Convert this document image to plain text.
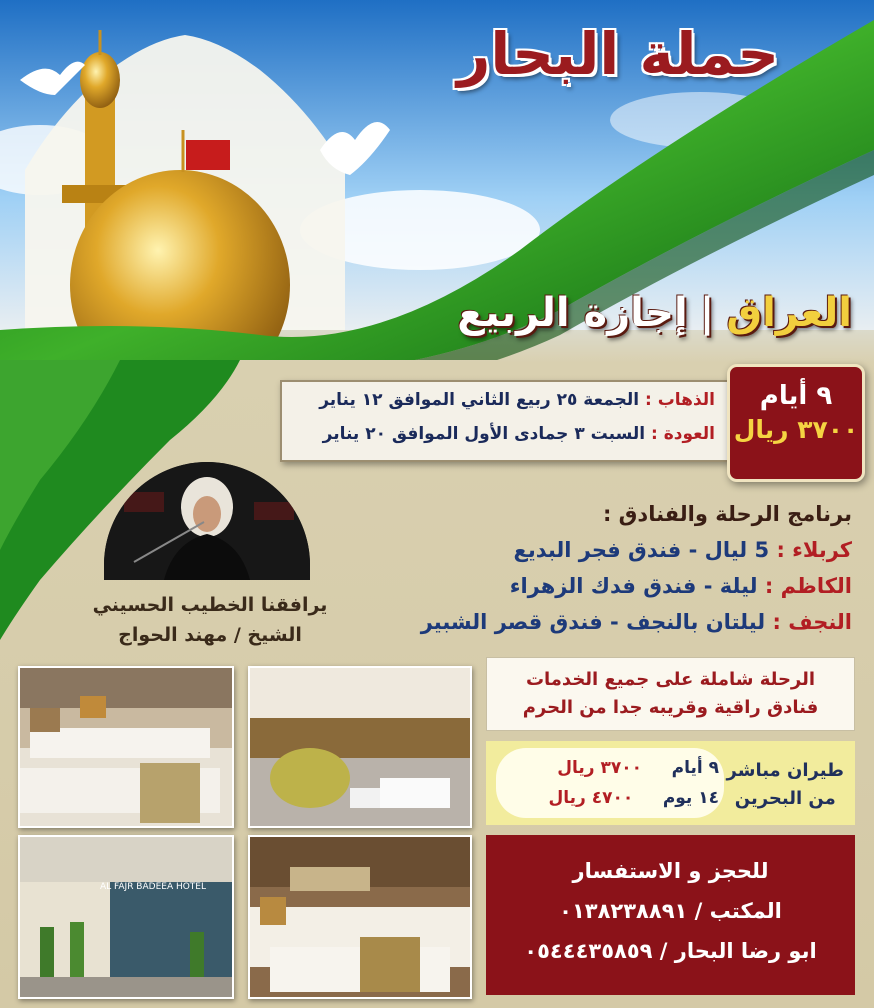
حملة البحار
العراق|إجازة الربيع
الذهاب : الجمعة ٢٥ ربيع الثاني الموافق ١٢ يناير
العودة : السبت ٣ جمادى الأول الموافق ٢٠ يناير
٩ أيام
٣٧٠٠ ريال
يرافقنا الخطيب الحسيني
الشيخ / مهند الحواج
برنامج الرحلة والفنادق :
كربلاء : 5 ليال - فندق فجر البديع
الكاظم : ليلة - فندق فدك الزهراء
النجف : ليلتان بالنجف - فندق قصر الشبير
AL FAJR BADEEA HOTEL
الرحلة شاملة على جميع الخدمات
فنادق راقية وقريبه جدا من الحرم
طيران مباشر
من البحرين
٩ أيام     ٣٧٠٠ ريال
١٤ يوم     ٤٧٠٠ ريال
للحجز و الاستفسار
المكتب / ٠١٣٨٢٣٨٨٩١
ابو رضا البحار / ٠٥٤٤٤٣٥٨٥٩
